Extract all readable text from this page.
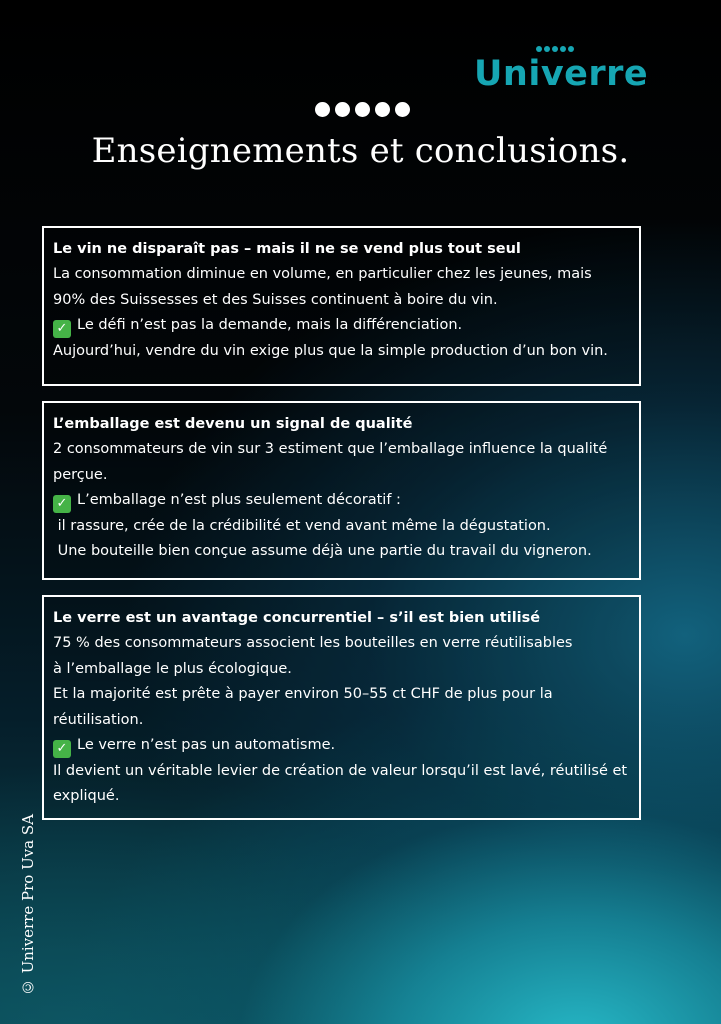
Univerre
Enseignements et conclusions.

Le vin ne disparaît pas – mais il ne se vend plus tout seul

La consommation diminue en volume, en particulier chez les jeunes, mais

90% des Suissesses et des Suisses continuent à boire du vin.

✓ Le défi n’est pas la demande, mais la différenciation.

Aujourd’hui, vendre du vin exige plus que la simple production d’un bon vin.

L’emballage est devenu un signal de qualité

2 consommateurs de vin sur 3 estiment que l’emballage influence la qualité

perçue.

✓ L’emballage n’est plus seulement décoratif :

il rassure, crée de la crédibilité et vend avant même la dégustation.

Une bouteille bien conçue assume déjà une partie du travail du vigneron.

Le verre est un avantage concurrentiel – s’il est bien utilisé

75 % des consommateurs associent les bouteilles en verre réutilisables

à l’emballage le plus écologique.

Et la majorité est prête à payer environ 50–55 ct CHF de plus pour la

réutilisation.

✓ Le verre n’est pas un automatisme.

Il devient un véritable levier de création de valeur lorsqu’il est lavé, réutilisé et

expliqué.

© Univerre Pro Uva SA
